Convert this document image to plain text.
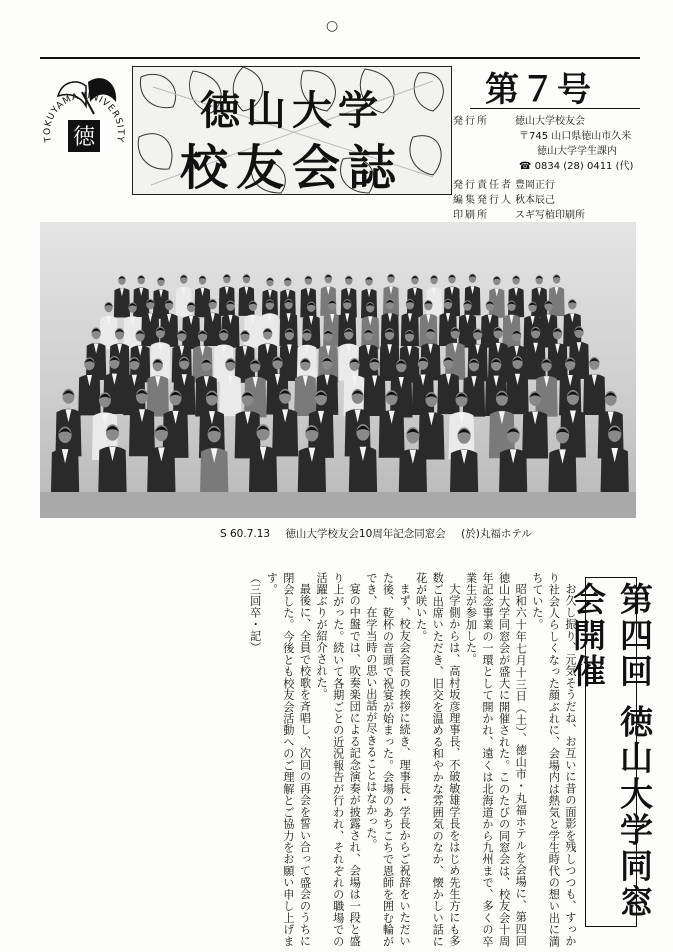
○
TOKUYAMA UNIVERSITY
徳
徳山大学
校友会誌
第７号
発行所	徳山大学校友会
〒745 山口県徳山市久米
徳山大学学生課内
☎ 0834 (28) 0411 (代)
発行責任者 豊岡正行
編集発行人 秋本辰己
印刷所	スギ写植印刷所
S 60.7.13 徳山大学校友会10周年記念同窓会 (於)丸福ホテル
第四回 徳山大学同窓会開催

お久し振り、元気そうだね、お互いに昔の面影を残しつつも、すっかり社会人らしくなった顔ぶれに、会場内は熱気と学生時代の想い出に満ちていた。

昭和六十年七月十三日（土）、徳山市・丸福ホテルを会場に、第四回徳山大学同窓会が盛大に開催された。このたびの同窓会は、校友会十周年記念事業の一環として開かれ、遠くは北海道から九州まで、多くの卒業生が参加した。

大学側からは、高村坂彦理事長、不破敏雄学長をはじめ先生方にも多数ご出席いただき、旧交を温める和やかな雰囲気のなか、懐かしい話に花が咲いた。

まず、校友会会長の挨拶に続き、理事長・学長からご祝辞をいただいた後、乾杯の音頭で祝宴が始まった。会場のあちこちで恩師を囲む輪ができ、在学当時の思い出話が尽きることはなかった。

宴の中盤では、吹奏楽団による記念演奏が披露され、会場は一段と盛り上がった。続いて各期ごとの近況報告が行われ、それぞれの職場での活躍ぶりが紹介された。

最後に、全員で校歌を斉唱し、次回の再会を誓い合って盛会のうちに閉会した。今後とも校友会活動へのご理解とご協力をお願い申し上げます。

（三回卒・記）
